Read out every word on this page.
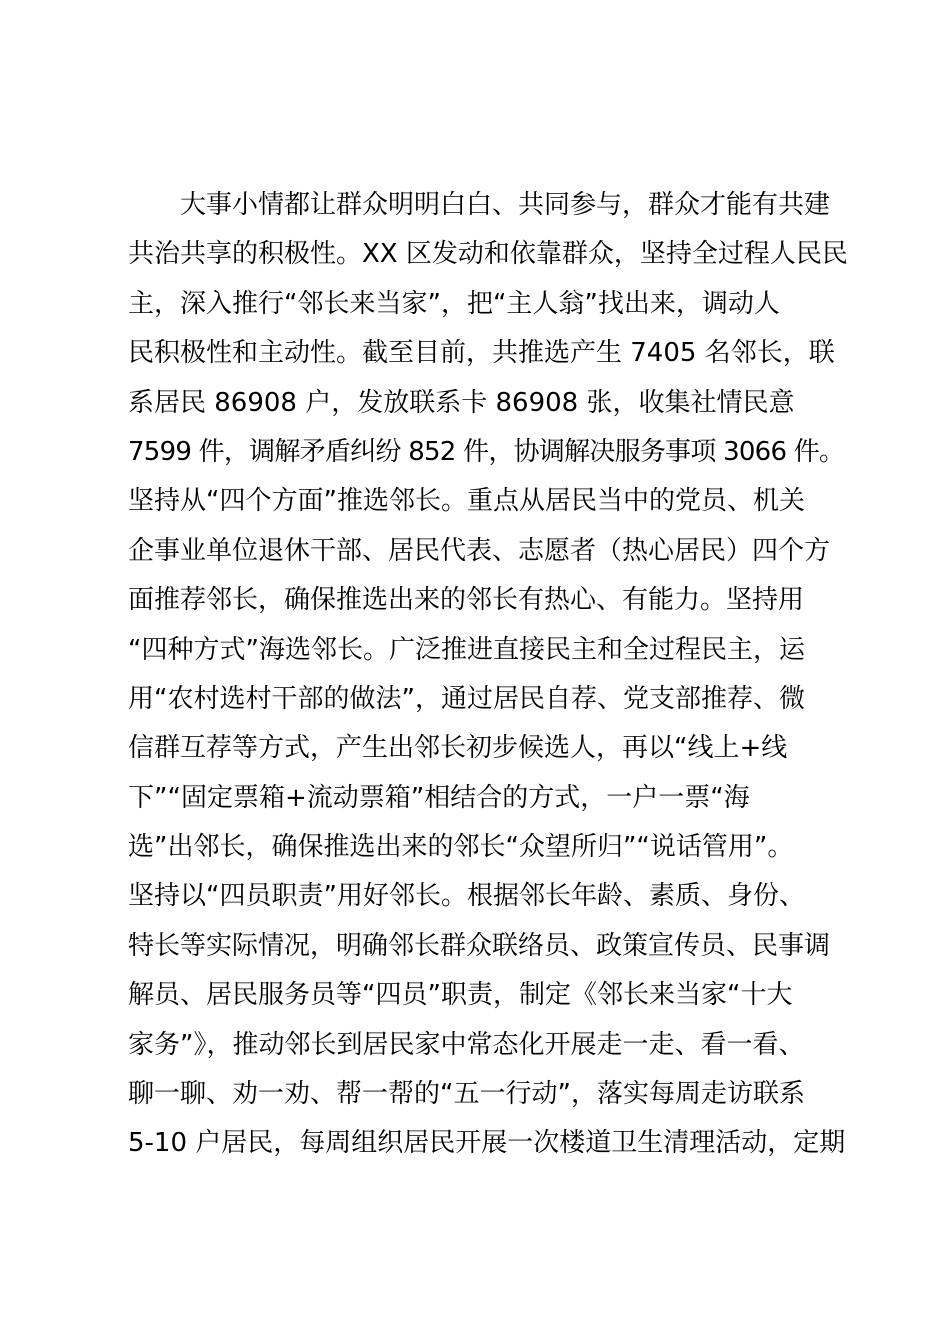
大事小情都让群众明明白白、共同参与，群众才能有共建
共治共享的积极性。XX 区发动和依靠群众，坚持全过程人民民
主，深入推行“邻长来当家”，把“主人翁”找出来，调动人
民积极性和主动性。截至目前，共推选产生 7405 名邻长，联
系居民 86908 户，发放联系卡 86908 张，收集社情民意
7599 件，调解矛盾纠纷 852 件，协调解决服务事项 3066 件。
坚持从“四个方面”推选邻长。重点从居民当中的党员、机关
企事业单位退休干部、居民代表、志愿者（热心居民）四个方
面推荐邻长，确保推选出来的邻长有热心、有能力。坚持用
“四种方式”海选邻长。广泛推进直接民主和全过程民主，运
用“农村选村干部的做法”，通过居民自荐、党支部推荐、微
信群互荐等方式，产生出邻长初步候选人，再以“线上+线
下”“固定票箱+流动票箱”相结合的方式，一户一票“海
选”出邻长，确保推选出来的邻长“众望所归”“说话管用”。
坚持以“四员职责”用好邻长。根据邻长年龄、素质、身份、
特长等实际情况，明确邻长群众联络员、政策宣传员、民事调
解员、居民服务员等“四员”职责，制定《邻长来当家“十大
家务”》，推动邻长到居民家中常态化开展走一走、看一看、
聊一聊、劝一劝、帮一帮的“五一行动”，落实每周走访联系
5-10 户居民，每周组织居民开展一次楼道卫生清理活动，定期
